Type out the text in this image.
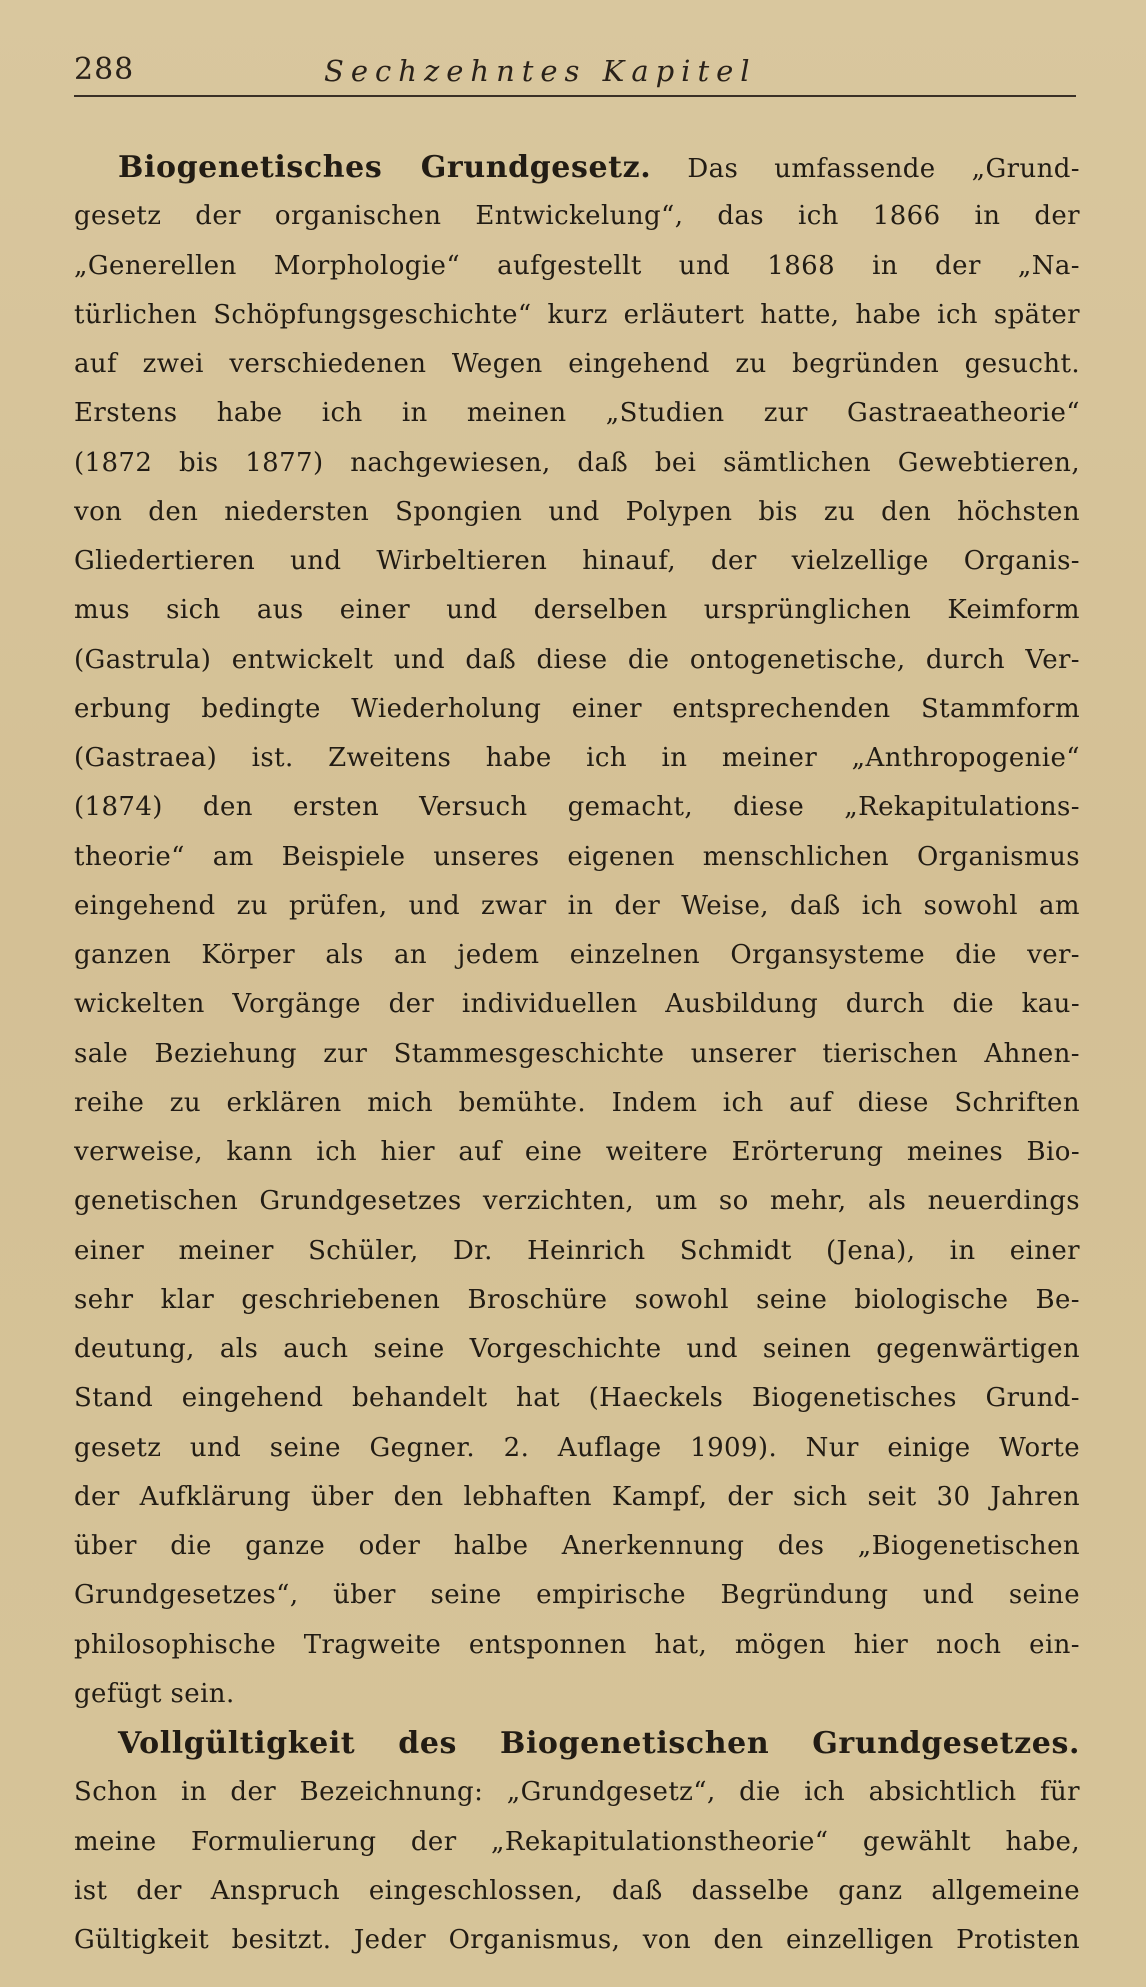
288	Sechzehntes Kapitel
Biogenetisches Grundgesetz. Das umfassende „Grund-
gesetz der organischen Entwickelung“, das ich 1866 in der
„Generellen Morphologie“ aufgestellt und 1868 in der „Na-
türlichen Schöpfungsgeschichte“ kurz erläutert hatte, habe ich später
auf zwei verschiedenen Wegen eingehend zu begründen gesucht.
Erstens habe ich in meinen „Studien zur Gastraeatheorie“
(1872 bis 1877) nachgewiesen, daß bei sämtlichen Gewebtieren,
von den niedersten Spongien und Polypen bis zu den höchsten
Gliedertieren und Wirbeltieren hinauf, der vielzellige Organis-
mus sich aus einer und derselben ursprünglichen Keimform
(Gastrula) entwickelt und daß diese die ontogenetische, durch Ver-
erbung bedingte Wiederholung einer entsprechenden Stammform
(Gastraea) ist. Zweitens habe ich in meiner „Anthropogenie“
(1874) den ersten Versuch gemacht, diese „Rekapitulations-
theorie“ am Beispiele unseres eigenen menschlichen Organismus
eingehend zu prüfen, und zwar in der Weise, daß ich sowohl am
ganzen Körper als an jedem einzelnen Organsysteme die ver-
wickelten Vorgänge der individuellen Ausbildung durch die kau-
sale Beziehung zur Stammesgeschichte unserer tierischen Ahnen-
reihe zu erklären mich bemühte. Indem ich auf diese Schriften
verweise, kann ich hier auf eine weitere Erörterung meines Bio-
genetischen Grundgesetzes verzichten, um so mehr, als neuerdings
einer meiner Schüler, Dr. Heinrich Schmidt (Jena), in einer
sehr klar geschriebenen Broschüre sowohl seine biologische Be-
deutung, als auch seine Vorgeschichte und seinen gegenwärtigen
Stand eingehend behandelt hat (Haeckels Biogenetisches Grund-
gesetz und seine Gegner. 2. Auflage 1909). Nur einige Worte
der Aufklärung über den lebhaften Kampf, der sich seit 30 Jahren
über die ganze oder halbe Anerkennung des „Biogenetischen
Grundgesetzes“, über seine empirische Begründung und seine
philosophische Tragweite entsponnen hat, mögen hier noch ein-
gefügt sein.
Vollgültigkeit des Biogenetischen Grundgesetzes.
Schon in der Bezeichnung: „Grundgesetz“, die ich absichtlich für
meine Formulierung der „Rekapitulationstheorie“ gewählt habe,
ist der Anspruch eingeschlossen, daß dasselbe ganz allgemeine
Gültigkeit besitzt. Jeder Organismus, von den einzelligen Protisten
